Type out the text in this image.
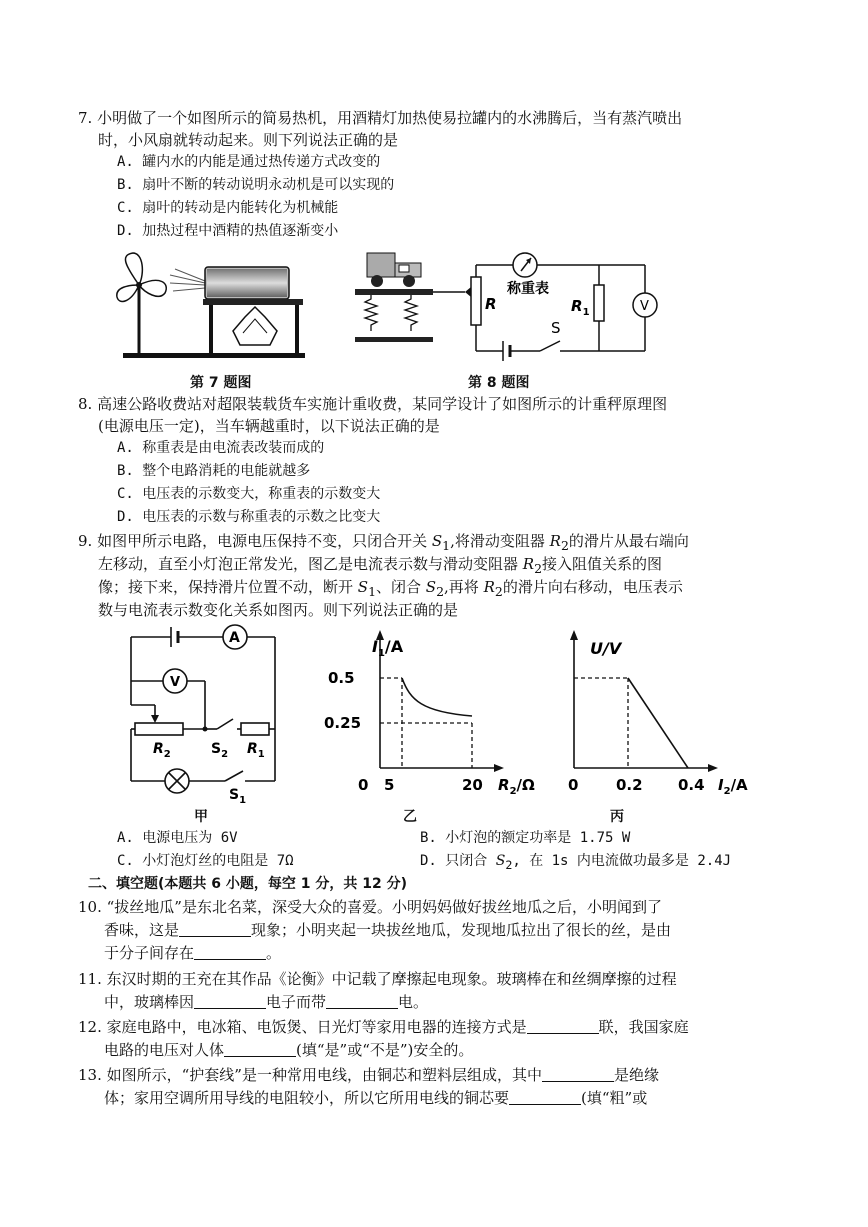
7. 小明做了一个如图所示的简易热机，用酒精灯加热使易拉罐内的水沸腾后，当有蒸汽喷出
时，小风扇就转动起来。则下列说法正确的是
A. 罐内水的内能是通过热传递方式改变的
B. 扇叶不断的转动说明永动机是可以实现的
C. 扇叶的转动是内能转化为机械能
D. 加热过程中酒精的热值逐渐变小
称重表
R	$R_1$
S
V
第 7 题图	第 8 题图
8. 高速公路收费站对超限装载货车实施计重收费，某同学设计了如图所示的计重秤原理图
(电源电压一定)，当车辆越重时，以下说法正确的是
A. 称重表是由电流表改装而成的
B. 整个电路消耗的电能就越多
C. 电压表的示数变大，称重表的示数变大
D. 电压表的示数与称重表的示数之比变大
9. 如图甲所示电路，电源电压保持不变，只闭合开关 $S_1$,将滑动变阻器 $R_2$的滑片从最右端向
左移动，直至小灯泡正常发光，图乙是电流表示数与滑动变阻器 $R_2$接入阻值关系的图
像；接下来，保持滑片位置不动，断开 $S_1$、闭合 $S_2$,再将 $R_2$的滑片向右移动，电压表示
数与电流表示数变化关系如图丙。则下列说法正确的是
A
V
$R_2$	$S_2$ $R_1$
$S_1$
甲
$I_1/A$
0.5
0.25
0 5	20 $R_2/\Omega$
乙
U/V
0	0.2 0.4 $I_2/A$
丙
A. 电源电压为 6V	B. 小灯泡的额定功率是 1.75 W
C. 小灯泡灯丝的电阻是 7Ω	D. 只闭合 $S_2$, 在 1s 内电流做功最多是 2.4J
二、填空题(本题共 6 小题，每空 1 分，共 12 分)
10. “拔丝地瓜”是东北名菜，深受大众的喜爱。小明妈妈做好拔丝地瓜之后，小明闻到了
香味，这是	现象；小明夹起一块拔丝地瓜，发现地瓜拉出了很长的丝，是由
于分子间存在	。
11. 东汉时期的王充在其作品《论衡》中记载了摩擦起电现象。玻璃棒在和丝绸摩擦的过程
中，玻璃棒因	电子而带	电。
12. 家庭电路中，电冰箱、电饭煲、日光灯等家用电器的连接方式是	联，我国家庭
电路的电压对人体	(填“是”或“不是”)安全的。
13. 如图所示，“护套线”是一种常用电线，由铜芯和塑料层组成，其中	是绝缘
体；家用空调所用导线的电阻较小，所以它所用电线的铜芯要	(填“粗”或
